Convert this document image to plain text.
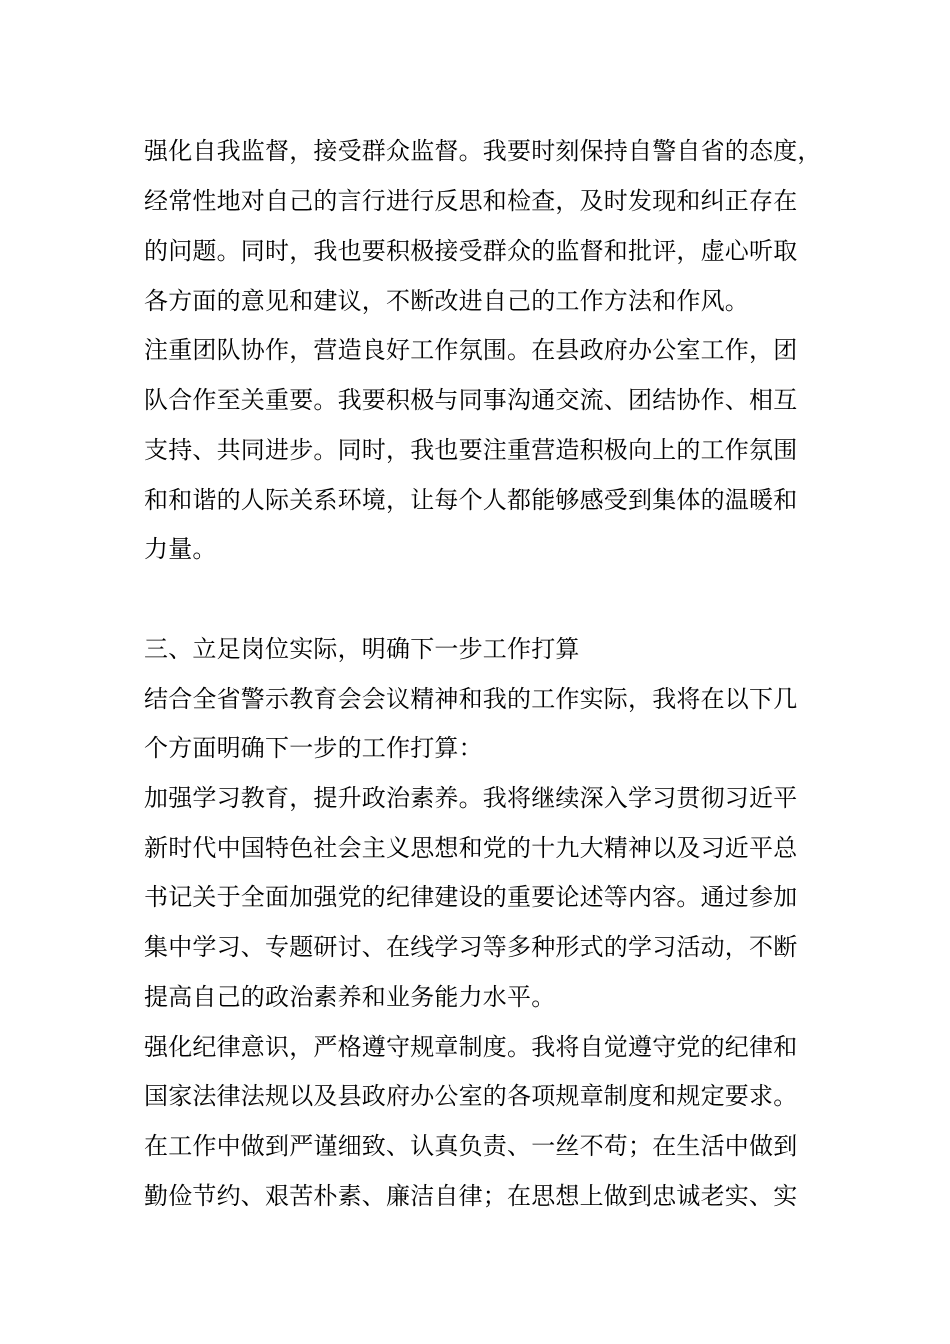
强化自我监督，接受群众监督。我要时刻保持自警自省的态度，
经常性地对自己的言行进行反思和检查，及时发现和纠正存在
的问题。同时，我也要积极接受群众的监督和批评，虚心听取
各方面的意见和建议，不断改进自己的工作方法和作风。
注重团队协作，营造良好工作氛围。在县政府办公室工作，团
队合作至关重要。我要积极与同事沟通交流、团结协作、相互
支持、共同进步。同时，我也要注重营造积极向上的工作氛围
和和谐的人际关系环境，让每个人都能够感受到集体的温暖和
力量。
三、立足岗位实际，明确下一步工作打算
结合全省警示教育会会议精神和我的工作实际，我将在以下几
个方面明确下一步的工作打算：
加强学习教育，提升政治素养。我将继续深入学习贯彻习近平
新时代中国特色社会主义思想和党的十九大精神以及习近平总
书记关于全面加强党的纪律建设的重要论述等内容。通过参加
集中学习、专题研讨、在线学习等多种形式的学习活动，不断
提高自己的政治素养和业务能力水平。
强化纪律意识，严格遵守规章制度。我将自觉遵守党的纪律和
国家法律法规以及县政府办公室的各项规章制度和规定要求。
在工作中做到严谨细致、认真负责、一丝不苟；在生活中做到
勤俭节约、艰苦朴素、廉洁自律；在思想上做到忠诚老实、实
